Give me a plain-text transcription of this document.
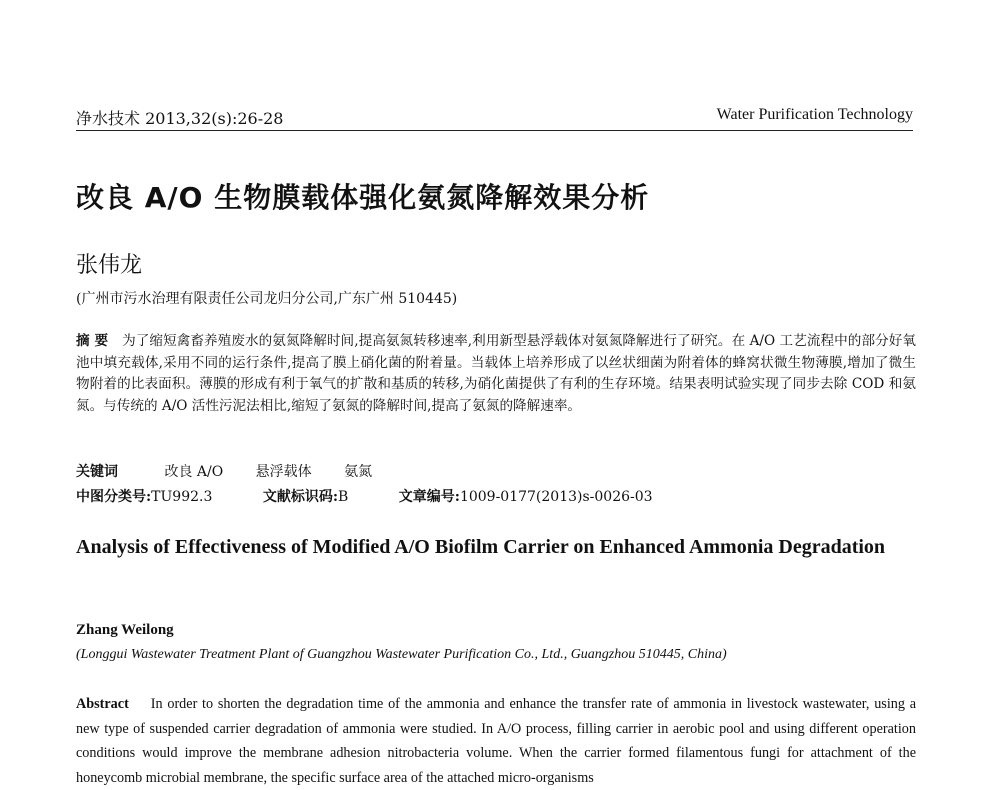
净水技术 2013,32(s):26-28	Water Purification Technology
改良 A/O 生物膜载体强化氨氮降解效果分析
张伟龙
(广州市污水治理有限责任公司龙归分公司,广东广州 510445)

摘 要 为了缩短禽畜养殖废水的氨氮降解时间,提高氨氮转移速率,利用新型悬浮载体对氨氮降解进行了研究。在 A/O 工艺流程中的部分好氧池中填充载体,采用不同的运行条件,提高了膜上硝化菌的附着量。当载体上培养形成了以丝状细菌为附着体的蜂窝状微生物薄膜,增加了微生物附着的比表面积。薄膜的形成有利于氧气的扩散和基质的转移,为硝化菌提供了有利的生存环境。结果表明试验实现了同步去除 COD 和氨氮。与传统的 A/O 活性污泥法相比,缩短了氨氮的降解时间,提高了氨氮的降解速率。

关键词	改良 A/O 悬浮载体 氨氮
中图分类号:TU992.3	文献标识码:B	文章编号:1009-0177(2013)s-0026-03

Analysis of Effectiveness of Modified A/O Biofilm Carrier on Enhanced Ammonia Degradation

Zhang Weilong
(Longgui Wastewater Treatment Plant of Guangzhou Wastewater Purification Co., Ltd., Guangzhou 510445, China)

Abstract In order to shorten the degradation time of the ammonia and enhance the transfer rate of ammonia in livestock wastewater, using a new type of suspended carrier degradation of ammonia were studied. In A/O process, filling carrier in aerobic pool and using different operation conditions would improve the membrane adhesion nitrobacteria volume. When the carrier formed filamentous fungi for attachment of the honeycomb microbial membrane, the specific surface area of the attached micro-organisms
